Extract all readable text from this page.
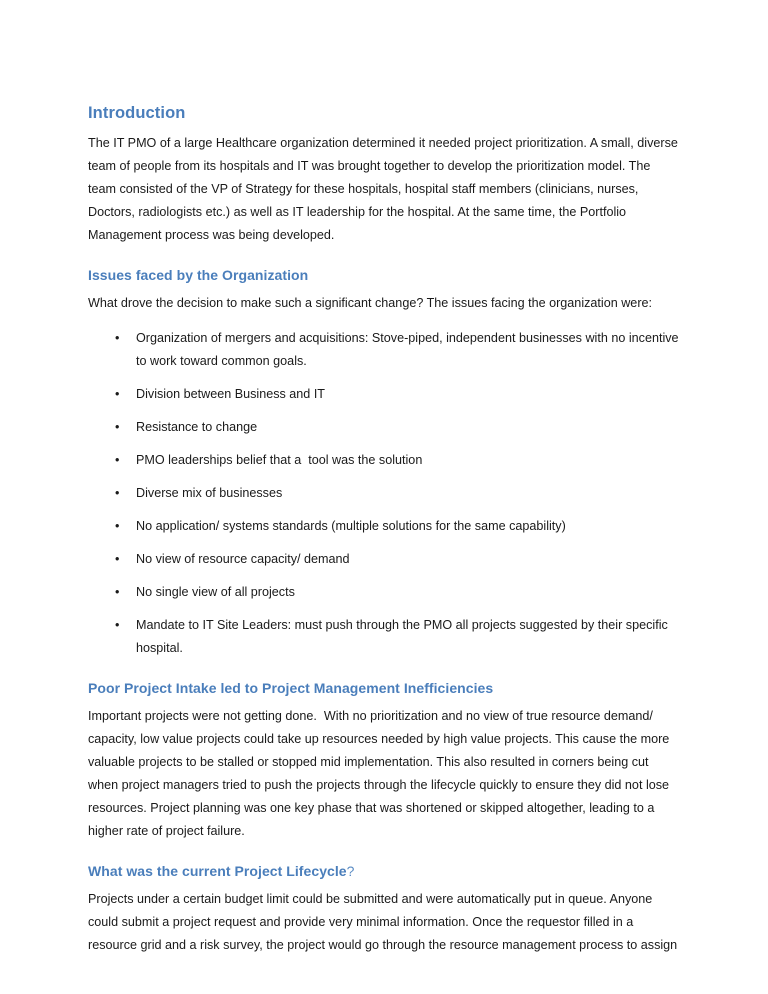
Introduction

The IT PMO of a large Healthcare organization determined it needed project prioritization. A small, diverse team of people from its hospitals and IT was brought together to develop the prioritization model. The team consisted of the VP of Strategy for these hospitals, hospital staff members (clinicians, nurses, Doctors, radiologists etc.) as well as IT leadership for the hospital. At the same time, the Portfolio Management process was being developed.

Issues faced by the Organization

What drove the decision to make such a significant change? The issues facing the organization were:

• Organization of mergers and acquisitions: Stove-piped, independent businesses with no incentive to work toward common goals.
• Division between Business and IT
• Resistance to change
• PMO leaderships belief that a  tool was the solution
• Diverse mix of businesses
• No application/ systems standards (multiple solutions for the same capability)
• No view of resource capacity/ demand
• No single view of all projects
• Mandate to IT Site Leaders: must push through the PMO all projects suggested by their specific hospital.
Poor Project Intake led to Project Management Inefficiencies

Important projects were not getting done.  With no prioritization and no view of true resource demand/ capacity, low value projects could take up resources needed by high value projects. This cause the more valuable projects to be stalled or stopped mid implementation. This also resulted in corners being cut when project managers tried to push the projects through the lifecycle quickly to ensure they did not lose resources. Project planning was one key phase that was shortened or skipped altogether, leading to a higher rate of project failure.

What was the current Project Lifecycle?

Projects under a certain budget limit could be submitted and were automatically put in queue. Anyone could submit a project request and provide very minimal information. Once the requestor filled in a resource grid and a risk survey, the project would go through the resource management process to assign
